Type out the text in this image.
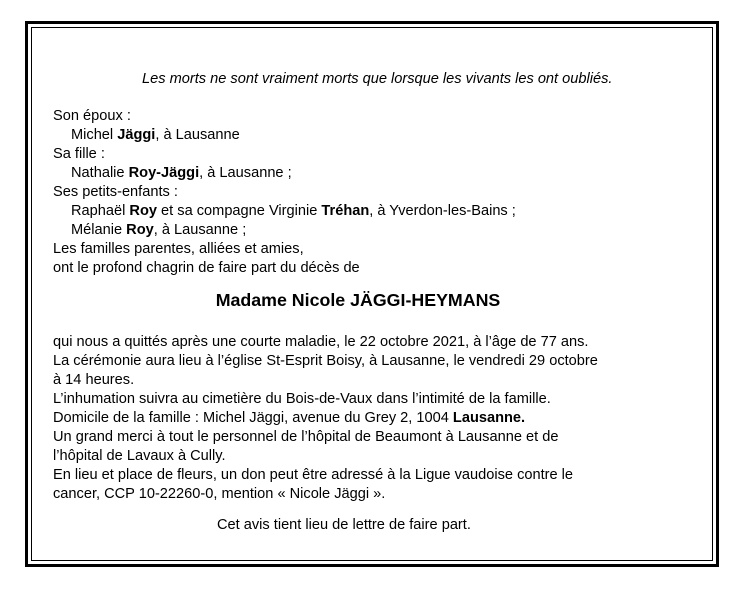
Les morts ne sont vraiment morts que lorsque les vivants les ont oubliés.
Son époux :
Michel Jäggi, à Lausanne
Sa fille :
Nathalie Roy-Jäggi, à Lausanne ;
Ses petits-enfants :
Raphaël Roy et sa compagne Virginie Tréhan, à Yverdon-les-Bains ;
Mélanie Roy, à Lausanne ;
Les familles parentes, alliées et amies,
ont le profond chagrin de faire part du décès de
Madame Nicole JÄGGI-HEYMANS
qui nous a quittés après une courte maladie, le 22 octobre 2021, à l’âge de 77 ans.
La cérémonie aura lieu à l’église St-Esprit Boisy, à Lausanne, le vendredi 29 octobre
à 14 heures.
L’inhumation suivra au cimetière du Bois-de-Vaux dans l’intimité de la famille.
Domicile de la famille : Michel Jäggi, avenue du Grey 2, 1004 Lausanne.
Un grand merci à tout le personnel de l’hôpital de Beaumont à Lausanne et de
l’hôpital de Lavaux à Cully.
En lieu et place de fleurs, un don peut être adressé à la Ligue vaudoise contre le
cancer, CCP 10-22260-0, mention « Nicole Jäggi ».
Cet avis tient lieu de lettre de faire part.
